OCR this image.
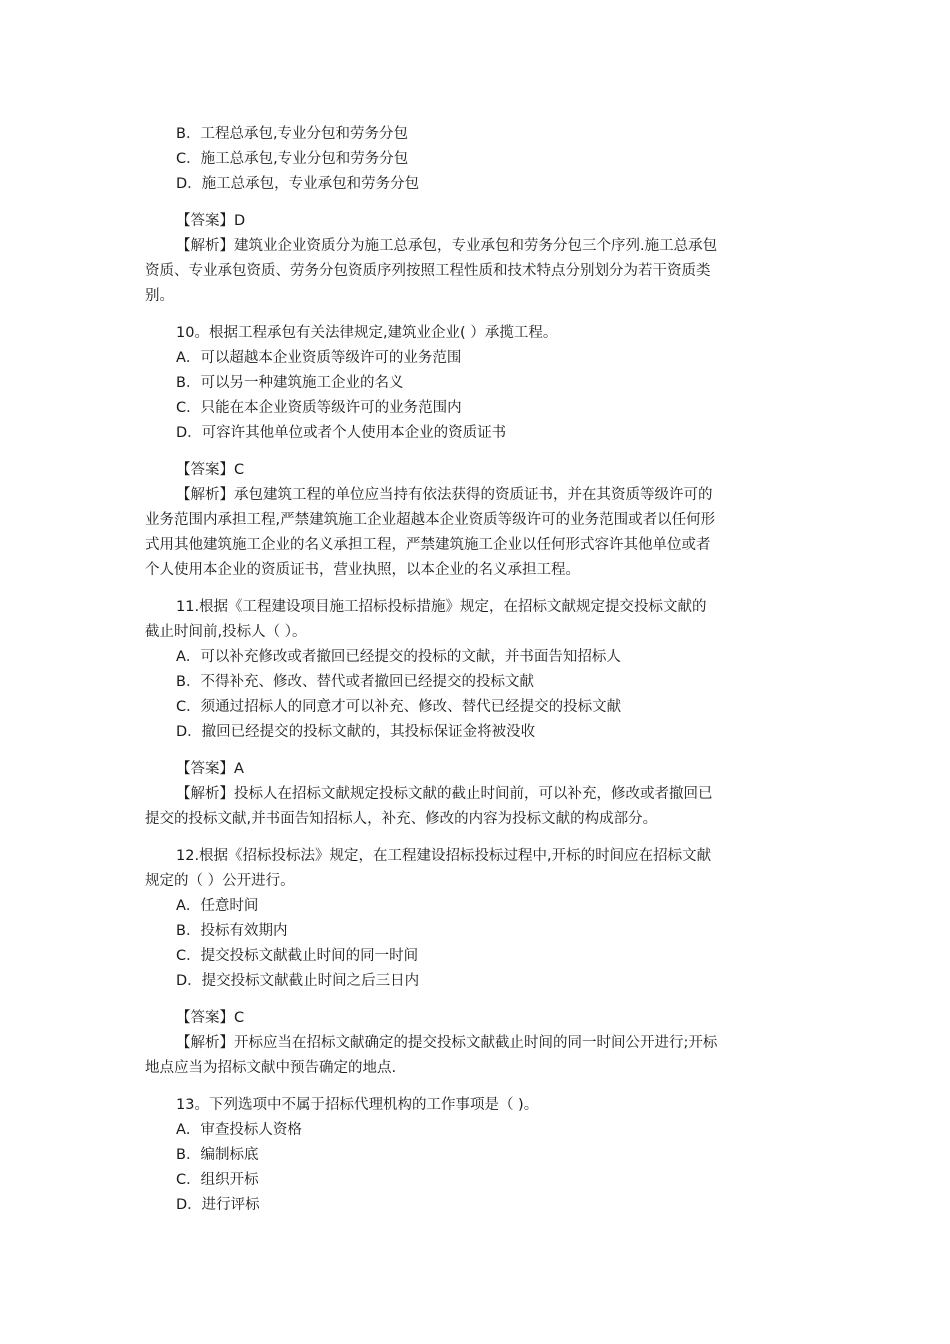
B．工程总承包,专业分包和劳务分包
C．施工总承包,专业分包和劳务分包
D．施工总承包，专业承包和劳务分包
【答案】D
【解析】建筑业企业资质分为施工总承包，专业承包和劳务分包三个序列.施工总承包
资质、专业承包资质、劳务分包资质序列按照工程性质和技术特点分别划分为若干资质类
别。
10。根据工程承包有关法律规定,建筑业企业( ）承揽工程。
A．可以超越本企业资质等级许可的业务范围
B．可以另一种建筑施工企业的名义
C．只能在本企业资质等级许可的业务范围内
D．可容许其他单位或者个人使用本企业的资质证书
【答案】C
【解析】承包建筑工程的单位应当持有依法获得的资质证书，并在其资质等级许可的
业务范围内承担工程,严禁建筑施工企业超越本企业资质等级许可的业务范围或者以任何形
式用其他建筑施工企业的名义承担工程，严禁建筑施工企业以任何形式容许其他单位或者
个人使用本企业的资质证书，营业执照，以本企业的名义承担工程。
11.根据《工程建设项目施工招标投标措施》规定，在招标文献规定提交投标文献的
截止时间前,投标人（ ）。
A．可以补充修改或者撤回已经提交的投标的文献，并书面告知招标人
B．不得补充、修改、替代或者撤回已经提交的投标文献
C．须通过招标人的同意才可以补充、修改、替代已经提交的投标文献
D．撤回已经提交的投标文献的，其投标保证金将被没收
【答案】A
【解析】投标人在招标文献规定投标文献的截止时间前，可以补充，修改或者撤回已
提交的投标文献,并书面告知招标人，补充、修改的内容为投标文献的构成部分。
12.根据《招标投标法》规定，在工程建设招标投标过程中,开标的时间应在招标文献
规定的（ ）公开进行。
A．任意时间
B．投标有效期内
C．提交投标文献截止时间的同一时间
D．提交投标文献截止时间之后三日内
【答案】C
【解析】开标应当在招标文献确定的提交投标文献截止时间的同一时间公开进行;开标
地点应当为招标文献中预告确定的地点.
13。下列选项中不属于招标代理机构的工作事项是（ )。
A．审查投标人资格
B．编制标底
C．组织开标
D．进行评标
